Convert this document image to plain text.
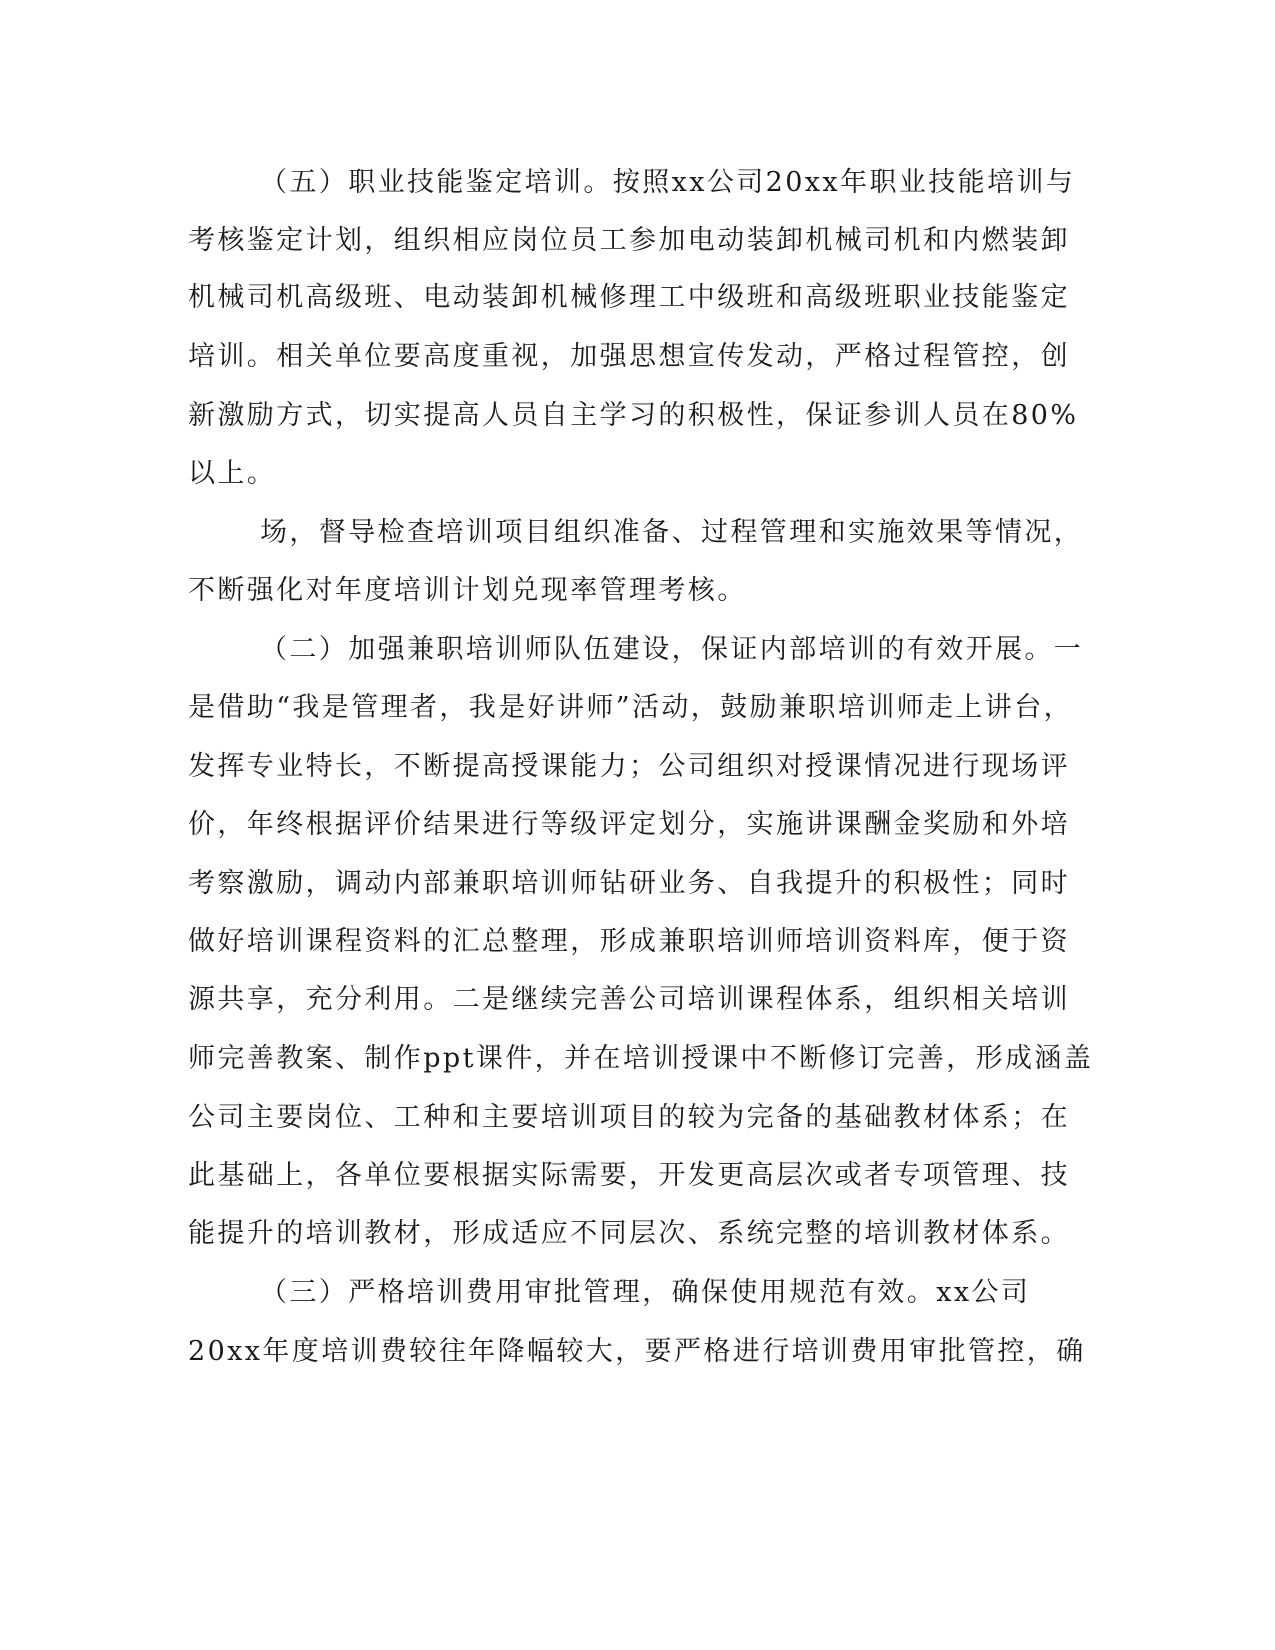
（五）职业技能鉴定培训。按照xx公司20xx年职业技能培训与

考核鉴定计划，组织相应岗位员工参加电动装卸机械司机和内燃装卸

机械司机高级班、电动装卸机械修理工中级班和高级班职业技能鉴定

培训。相关单位要高度重视，加强思想宣传发动，严格过程管控，创

新激励方式，切实提高人员自主学习的积极性，保证参训人员在80%

以上。

场，督导检查培训项目组织准备、过程管理和实施效果等情况，

不断强化对年度培训计划兑现率管理考核。

（二）加强兼职培训师队伍建设，保证内部培训的有效开展。一

是借助“我是管理者，我是好讲师”活动，鼓励兼职培训师走上讲台，

发挥专业特长，不断提高授课能力；公司组织对授课情况进行现场评

价，年终根据评价结果进行等级评定划分，实施讲课酬金奖励和外培

考察激励，调动内部兼职培训师钻研业务、自我提升的积极性；同时

做好培训课程资料的汇总整理，形成兼职培训师培训资料库，便于资

源共享，充分利用。二是继续完善公司培训课程体系，组织相关培训

师完善教案、制作ppt课件，并在培训授课中不断修订完善，形成涵盖

公司主要岗位、工种和主要培训项目的较为完备的基础教材体系；在

此基础上，各单位要根据实际需要，开发更高层次或者专项管理、技

能提升的培训教材，形成适应不同层次、系统完整的培训教材体系。

（三）严格培训费用审批管理，确保使用规范有效。xx公司

20xx年度培训费较往年降幅较大，要严格进行培训费用审批管控，确
